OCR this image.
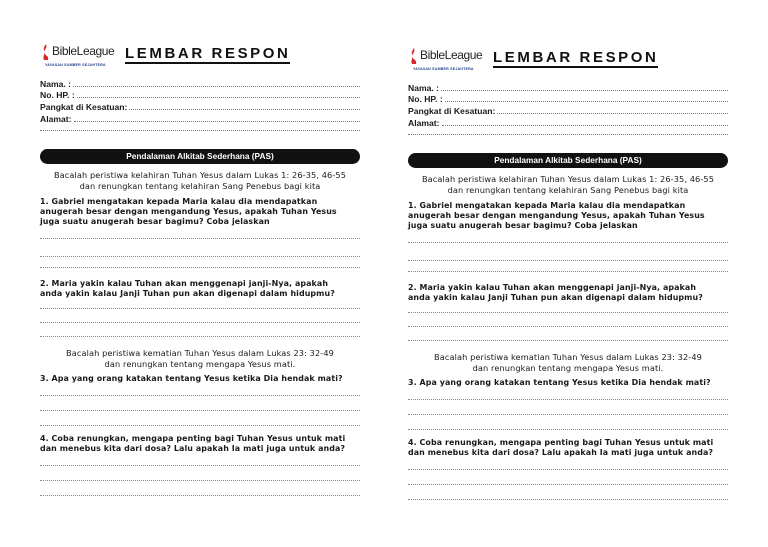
BibleLeague
YAYASAN SUMBER SEJAHTERA
LEMBAR RESPON
Nama. :
No. HP. :
Pangkat di Kesatuan:
Alamat:
Pendalaman Alkitab Sederhana (PAS)
Bacalah peristiwa kelahiran Tuhan Yesus dalam Lukas 1: 26-35, 46-55
dan renungkan tentang kelahiran Sang Penebus bagi kita
1. Gabriel mengatakan kepada Maria kalau dia mendapatkan
anugerah besar dengan mengandung Yesus, apakah Tuhan Yesus
juga suatu anugerah besar bagimu? Coba jelaskan
2. Maria yakin kalau Tuhan akan menggenapi janji-Nya, apakah
anda yakin kalau Janji Tuhan pun akan digenapi dalam hidupmu?
Bacalah peristiwa kematian Tuhan Yesus dalam Lukas 23: 32-49
dan renungkan tentang mengapa Yesus mati.
3. Apa yang orang katakan tentang Yesus ketika Dia hendak mati?
4. Coba renungkan, mengapa penting bagi Tuhan Yesus untuk mati
dan menebus kita dari dosa? Lalu apakah Ia mati juga untuk anda?
BibleLeague
YAYASAN SUMBER SEJAHTERA
LEMBAR RESPON
Nama. :
No. HP. :
Pangkat di Kesatuan:
Alamat:
Pendalaman Alkitab Sederhana (PAS)
Bacalah peristiwa kelahiran Tuhan Yesus dalam Lukas 1: 26-35, 46-55
dan renungkan tentang kelahiran Sang Penebus bagi kita
1. Gabriel mengatakan kepada Maria kalau dia mendapatkan
anugerah besar dengan mengandung Yesus, apakah Tuhan Yesus
juga suatu anugerah besar bagimu? Coba jelaskan
2. Maria yakin kalau Tuhan akan menggenapi janji-Nya, apakah
anda yakin kalau Janji Tuhan pun akan digenapi dalam hidupmu?
Bacalah peristiwa kematian Tuhan Yesus dalam Lukas 23: 32-49
dan renungkan tentang mengapa Yesus mati.
3. Apa yang orang katakan tentang Yesus ketika Dia hendak mati?
4. Coba renungkan, mengapa penting bagi Tuhan Yesus untuk mati
dan menebus kita dari dosa? Lalu apakah Ia mati juga untuk anda?
